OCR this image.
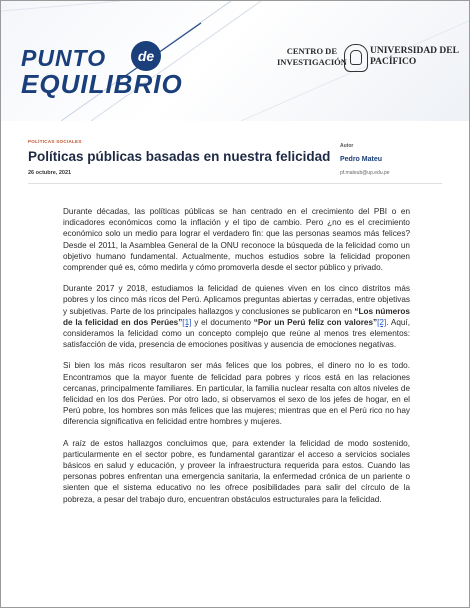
PUNTO	de
EQUILIBRIO
CENTRO DE INVESTIGACIÓN
UNIVERSIDAD DEL PACÍFICO
POLÍTICAS SOCIALES
Políticas públicas basadas en nuestra felicidad
26 octubre, 2021
Autor
Pedro Mateu
pf.mateub@up.edu.pe

Durante décadas, las políticas públicas se han centrado en el crecimiento del PBI o en indicadores económicos como la inflación y el tipo de cambio. Pero ¿no es el crecimiento económico solo un medio para lograr el verdadero fin: que las personas seamos más felices? Desde el 2011, la Asamblea General de la ONU reconoce la búsqueda de la felicidad como un objetivo humano fundamental. Actualmente, muchos estudios sobre la felicidad proponen comprender qué es, cómo medirla y cómo promoverla desde el sector público y privado.

Durante 2017 y 2018, estudiamos la felicidad de quienes viven en los cinco distritos más pobres y los cinco más ricos del Perú. Aplicamos preguntas abiertas y cerradas, entre objetivas y subjetivas. Parte de los principales hallazgos y conclusiones se publicaron en “Los números de la felicidad en dos Perúes”[1] y el documento “Por un Perú feliz con valores”[2]. Aquí, consideramos la felicidad como un concepto complejo que reúne al menos tres elementos: satisfacción de vida, presencia de emociones positivas y ausencia de emociones negativas.

Si bien los más ricos resultaron ser más felices que los pobres, el dinero no lo es todo. Encontramos que la mayor fuente de felicidad para pobres y ricos está en las relaciones cercanas, principalmente familiares. En particular, la familia nuclear resalta con altos niveles de felicidad en los dos Perúes. Por otro lado, si observamos el sexo de los jefes de hogar, en el Perú pobre, los hombres son más felices que las mujeres; mientras que en el Perú rico no hay diferencia significativa en felicidad entre hombres y mujeres.

A raíz de estos hallazgos concluimos que, para extender la felicidad de modo sostenido, particularmente en el sector pobre, es fundamental garantizar el acceso a servicios sociales básicos en salud y educación, y proveer la infraestructura requerida para estos. Cuando las personas pobres enfrentan una emergencia sanitaria, la enfermedad crónica de un pariente o sienten que el sistema educativo no les ofrece posibilidades para salir del círculo de la pobreza, a pesar del trabajo duro, encuentran obstáculos estructurales para la felicidad.
